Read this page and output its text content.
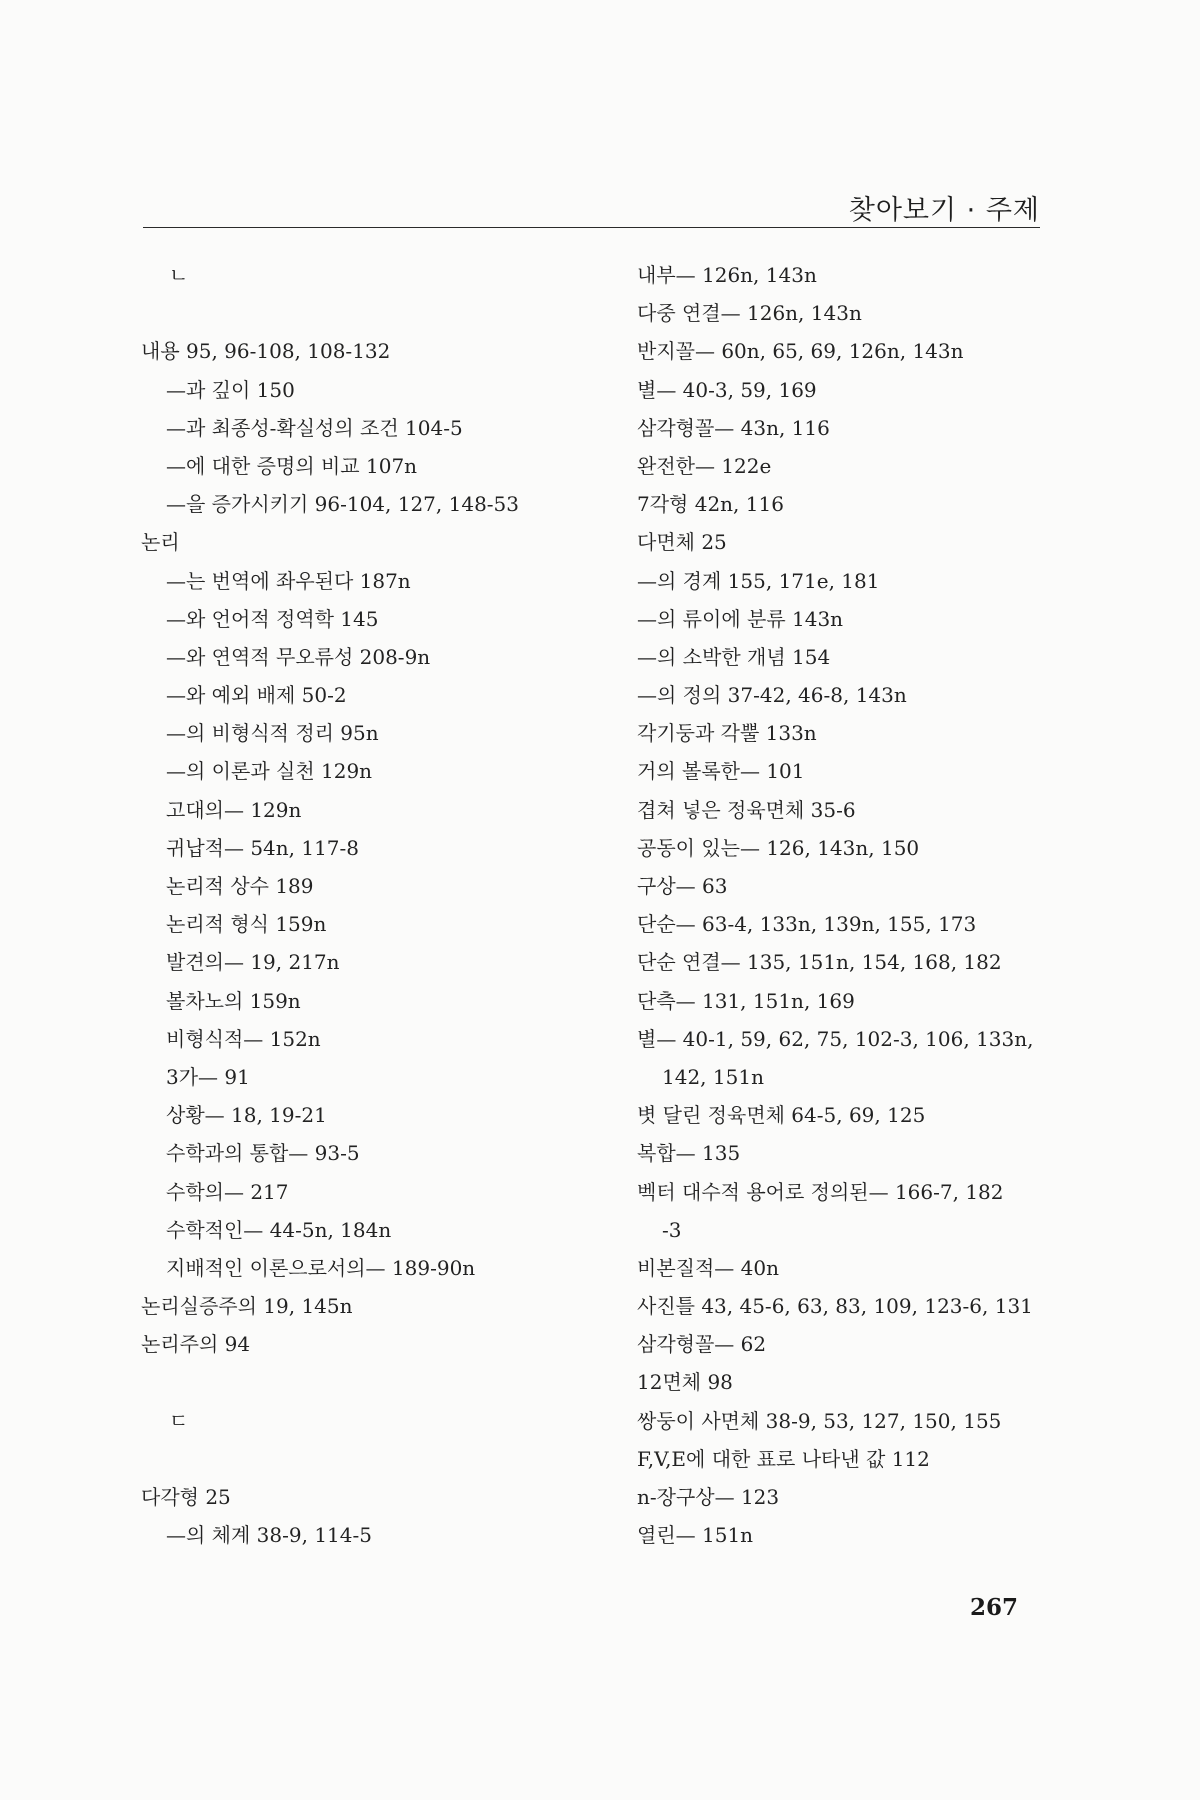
찾아보기 · 주제
ㄴ

내용 95, 96-108, 108-132
—과 깊이 150
—과 최종성-확실성의 조건 104-5
—에 대한 증명의 비교 107n
—을 증가시키기 96-104, 127, 148-53
논리
—는 번역에 좌우된다 187n
—와 언어적 정역학 145
—와 연역적 무오류성 208-9n
—와 예외 배제 50-2
—의 비형식적 정리 95n
—의 이론과 실천 129n
고대의— 129n
귀납적— 54n, 117-8
논리적 상수 189
논리적 형식 159n
발견의— 19, 217n
볼차노의 159n
비형식적— 152n
3가— 91
상황— 18, 19-21
수학과의 통합— 93-5
수학의— 217
수학적인— 44-5n, 184n
지배적인 이론으로서의— 189-90n
논리실증주의 19, 145n
논리주의 94

ㄷ

다각형 25
—의 체계 38-9, 114-5
내부— 126n, 143n
다중 연결— 126n, 143n
반지꼴— 60n, 65, 69, 126n, 143n
별— 40-3, 59, 169
삼각형꼴— 43n, 116
완전한— 122e
7각형 42n, 116
다면체 25
—의 경계 155, 171e, 181
—의 류이에 분류 143n
—의 소박한 개념 154
—의 정의 37-42, 46-8, 143n
각기둥과 각뿔 133n
거의 볼록한— 101
겹쳐 넣은 정육면체 35-6
공동이 있는— 126, 143n, 150
구상— 63
단순— 63-4, 133n, 139n, 155, 173
단순 연결— 135, 151n, 154, 168, 182
단측— 131, 151n, 169
별— 40-1, 59, 62, 75, 102-3, 106, 133n,
142, 151n
볏 달린 정육면체 64-5, 69, 125
복합— 135
벡터 대수적 용어로 정의된— 166-7, 182
-3
비본질적— 40n
사진틀 43, 45-6, 63, 83, 109, 123-6, 131
삼각형꼴— 62
12면체 98
쌍둥이 사면체 38-9, 53, 127, 150, 155
F,V,E에 대한 표로 나타낸 값 112
n-장구상— 123
열린— 151n
267
